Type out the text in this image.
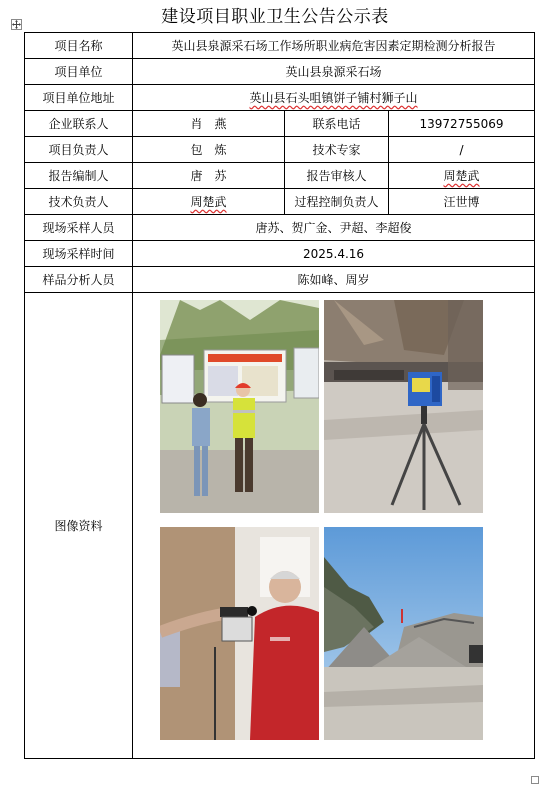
建设项目职业卫生公告公示表
项目名称	英山县泉源采石场工作场所职业病危害因素定期检测分析报告		
项目单位	英山县泉源采石场		
项目单位地址	英山县石头咀镇饼子铺村狮子山		
企业联系人	肖　燕	联系电话	13972755069
项目负责人	包　炼	技术专家	/
报告编制人	唐　苏	报告审核人	周楚武
技术负责人	周楚武	过程控制负责人	汪世博
现场采样人员	唐苏、贺广金、尹超、李超俊		
现场采样时间	2025.4.16		
样品分析人员	陈如峰、周岁		
图像资料	
